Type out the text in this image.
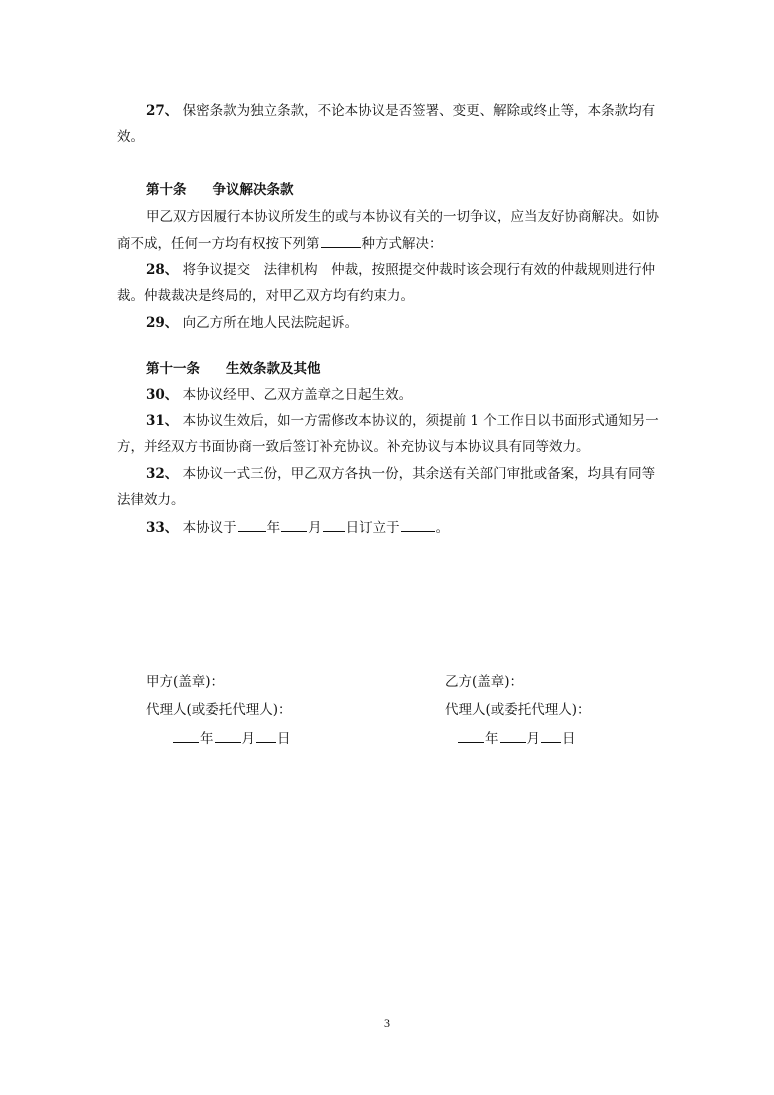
27、 保密条款为独立条款，不论本协议是否签署、变更、解除或终止等，本条款均有
效。
第十条 争议解决条款
甲乙双方因履行本协议所发生的或与本协议有关的一切争议，应当友好协商解决。如协
商不成，任何一方均有权按下列第	种方式解决：
28、 将争议提交　法律机构　仲裁，按照提交仲裁时该会现行有效的仲裁规则进行仲
裁。仲裁裁决是终局的，对甲乙双方均有约束力。
29、 向乙方所在地人民法院起诉。
第十一条 生效条款及其他
30、 本协议经甲、乙双方盖章之日起生效。
31、 本协议生效后，如一方需修改本协议的，须提前 1 个工作日以书面形式通知另一
方，并经双方书面协商一致后签订补充协议。补充协议与本协议具有同等效力。
32、 本协议一式三份，甲乙双方各执一份，其余送有关部门审批或备案，均具有同等
法律效力。
33、 本协议于 年 月 日订立于	。
甲方(盖章)：
代理人(或委托代理人)：
年 月 日
乙方(盖章)：
代理人(或委托代理人)：
年 月 日
3
